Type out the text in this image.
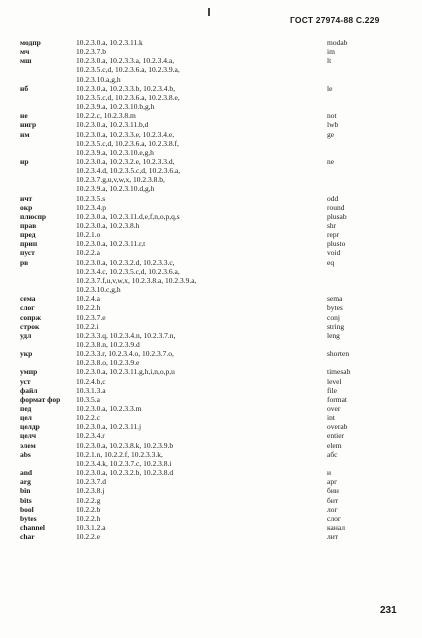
ГОСТ 27974-88 С.229
модпр	10.2.3.0.a, 10.2.3.11.k	modab
мч	10.2.3.7.b	im
мш	10.2.3.0.a, 10.2.3.3.a, 10.2.3.4.a,	lt
10.2.3.5.c,d, 10.2.3.6.a, 10.2.3.9.a,
10.2.3.10.a,g,h
нб	10.2.3.0.a, 10.2.3.3.b, 10.2.3.4.b,	le
10.2.3.5.c,d, 10.2.3.6.a, 10.2.3.8.e,
10.2.3.9.a, 10.2.3.10.b,g,h
не	10.2.2.c, 10.2.3.8.m	not
нигр	10.2.3.0.a, 10.2.3.11.b,d	lwb
нм	10.2.3.0.a, 10.2.3.3.e, 10.2.3.4.e,	ge
10.2.3.5.c,d, 10.2.3.6.a, 10.2.3.8.f,
10.2.3.9.a, 10.2.3.10.e,g,h
нр	10.2.3.0.a, 10.2.3.2.e, 10.2.3.3.d,	ne
10.2.3.4.d, 10.2.3.5.c,d, 10.2.3.6.a,
10.2.3.7.g,u,v,w,x, 10.2.3.8.b,
10.2.3.9.a, 10.2.3.10.d,g,h
нчт	10.2.3.5.s	odd
окр	10.2.3.4.p	round
плюспр	10.2.3.0.a, 10.2.3.11.d,e,f,n,o,p,q,s	plusab
прав	10.2.3.0.a, 10.2.3.8.h	shr
пред	10.2.1.o	repr
прип	10.2.3.0.a, 10.2.3.11.r,t	plusto
пуст	10.2.2.a	void
рв	10.2.3.0.a, 10.2.3.2.d, 10.2.3.3.c,	eq
10.2.3.4.c, 10.2.3.5.c,d, 10.2.3.6.a,
10.2.3.7.f,u,v,w,x, 10.2.3.8.a, 10.2.3.9.a,
10.2.3.10.c,g,h
сема	10.2.4.a	sema
слог	10.2.2.h	bytes
сопрж	10.2.3.7.e	conj
строк	10.2.2.i	string
удл	10.2.3.3.q, 10.2.3.4.n, 10.2.3.7.n,	leng
10.2.3.8.n, 10.2.3.9.d
укр	10.2.3.3.r, 10.2.3.4.o, 10.2.3.7.o,	shorten
10.2.3.8.o, 10.2.3.9.e
умпр	10.2.3.0.a, 10.2.3.11.g,h,i,n,o,p,u	timesab
уст	10.2.4.b,c	level
файл	10.3.1.3.a	file
формат фор 10.3.5.a	format
пед	10.2.3.0.a, 10.2.3.3.m	over
цел	10.2.2.c	int
целдр	10.2.3.0.a, 10.2.3.11.j	overab
целч	10.2.3.4.r	entier
элем	10.2.3.0.a, 10.2.3.8.k, 10.2.3.9.b	elem
abs	10.2.1.n, 10.2.2.f, 10.2.3.3.k,	абс
10.2.3.4.k, 10.2.3.7.c, 10.2.3.8.i
and	10.2.3.0.a, 10.2.3.2.b, 10.2.3.8.d	и
arg	10.2.3.7.d	арг
bin	10.2.3.8.j	бин
bits	10.2.2.g	бит
bool	10.2.2.b	лог
bytes	10.2.2.h	слог
channel	10.3.1.2.a	канал
char	10.2.2.e	лит
231
